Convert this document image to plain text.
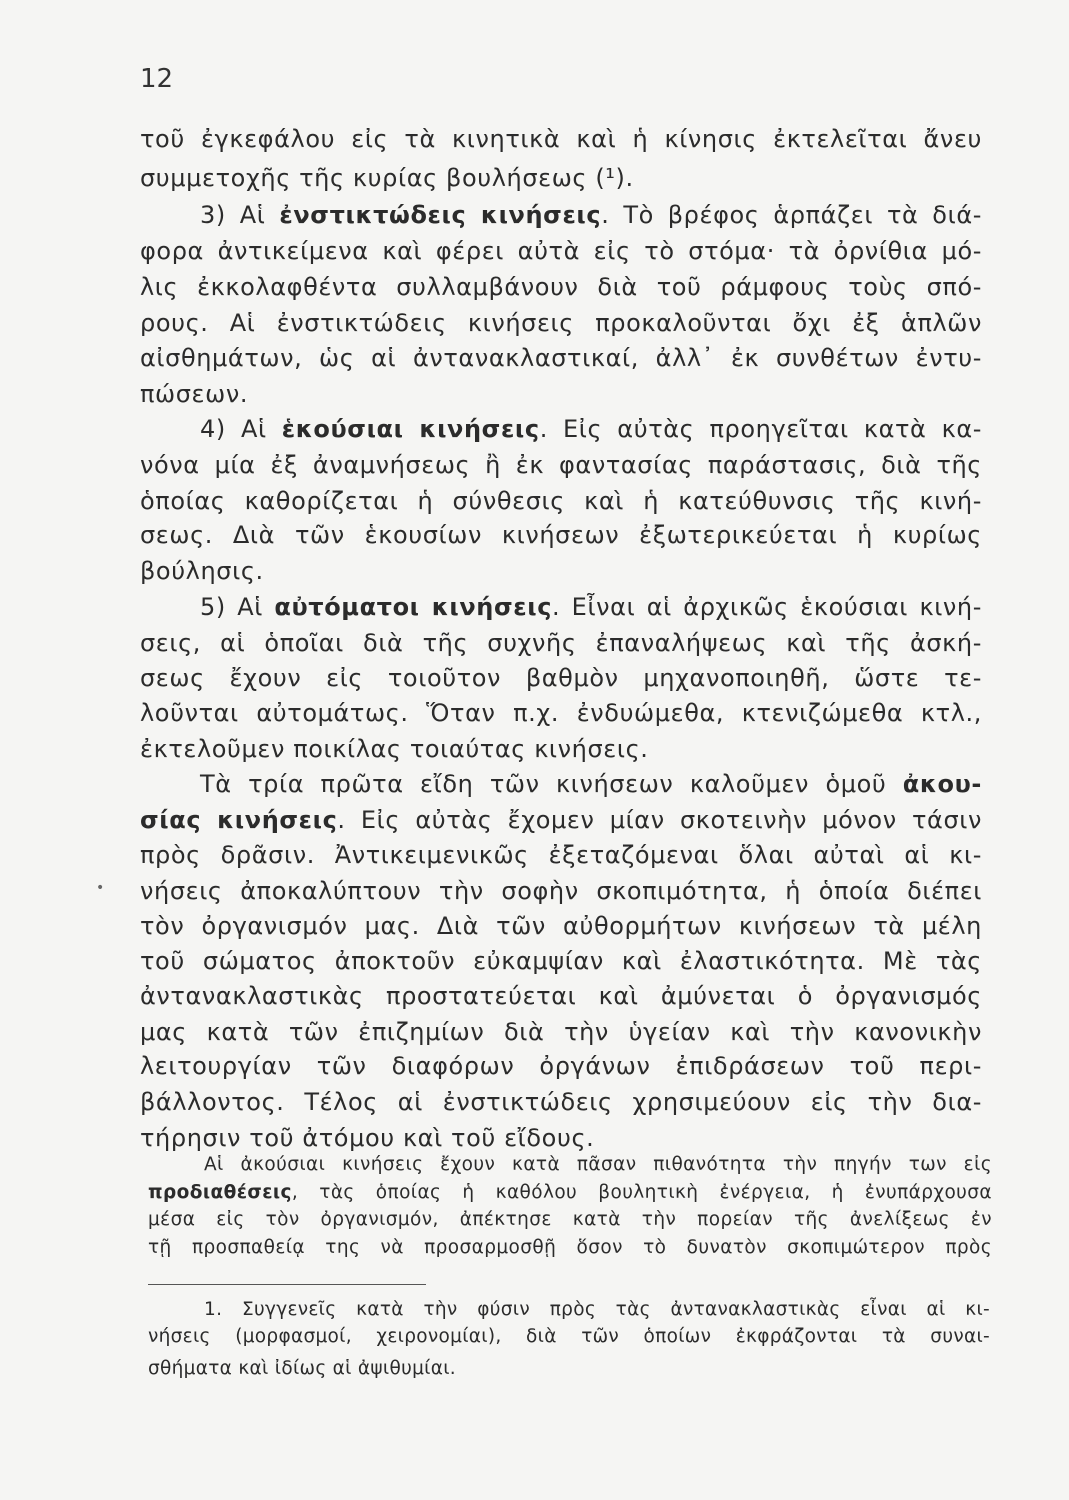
12
•
τοῦ ἐγκεφάλου εἰς τὰ κινητικὰ καὶ ἡ κίνησις ἐκτελεῖται ἄνευ
συμμετοχῆς τῆς κυρίας βουλήσεως (¹).
3) Αἱ ἐνστικτώδεις κινήσεις. Τὸ βρέφος ἁρπάζει τὰ διά-
φορα ἀντικείμενα καὶ φέρει αὐτὰ εἰς τὸ στόμα· τὰ ὀρνίθια μό-
λις ἐκκολαφθέντα συλλαμβάνουν διὰ τοῦ ράμφους τοὺς σπό-
ρους. Αἱ ἐνστικτώδεις κινήσεις προκαλοῦνται ὄχι ἐξ ἁπλῶν
αἰσθημάτων, ὡς αἱ ἀντανακλαστικαί, ἀλλ᾽ ἐκ συνθέτων ἐντυ-
πώσεων.
4) Αἱ ἑκούσιαι κινήσεις. Εἰς αὐτὰς προηγεῖται κατὰ κα-
νόνα μία ἐξ ἀναμνήσεως ἢ ἐκ φαντασίας παράστασις, διὰ τῆς
ὁποίας καθορίζεται ἡ σύνθεσις καὶ ἡ κατεύθυνσις τῆς κινή-
σεως. Διὰ τῶν ἑκουσίων κινήσεων ἐξωτερικεύεται ἡ κυρίως
βούλησις.
5) Αἱ αὐτόματοι κινήσεις. Εἶναι αἱ ἀρχικῶς ἑκούσιαι κινή-
σεις, αἱ ὁποῖαι διὰ τῆς συχνῆς ἐπαναλήψεως καὶ τῆς ἀσκή-
σεως ἔχουν εἰς τοιοῦτον βαθμὸν μηχανοποιηθῆ, ὥστε τε-
λοῦνται αὐτομάτως. Ὅταν π.χ. ἐνδυώμεθα, κτενιζώμεθα κτλ.,
ἐκτελοῦμεν ποικίλας τοιαύτας κινήσεις.
Τὰ τρία πρῶτα εἴδη τῶν κινήσεων καλοῦμεν ὁμοῦ ἀκου-
σίας κινήσεις. Εἰς αὐτὰς ἔχομεν μίαν σκοτεινὴν μόνον τάσιν
πρὸς δρᾶσιν. Ἀντικειμενικῶς ἐξεταζόμεναι ὅλαι αὐταὶ αἱ κι-
νήσεις ἀποκαλύπτουν τὴν σοφὴν σκοπιμότητα, ἡ ὁποία διέπει
τὸν ὀργανισμόν μας. Διὰ τῶν αὐθορμήτων κινήσεων τὰ μέλη
τοῦ σώματος ἀποκτοῦν εὐκαμψίαν καὶ ἐλαστικότητα. Μὲ τὰς
ἀντανακλαστικὰς προστατεύεται καὶ ἀμύνεται ὁ ὀργανισμός
μας κατὰ τῶν ἐπιζημίων διὰ τὴν ὑγείαν καὶ τὴν κανονικὴν
λειτουργίαν τῶν διαφόρων ὀργάνων ἐπιδράσεων τοῦ περι-
βάλλοντος. Τέλος αἱ ἐνστικτώδεις χρησιμεύουν εἰς τὴν δια-
τήρησιν τοῦ ἀτόμου καὶ τοῦ εἴδους.
Αἱ ἀκούσιαι κινήσεις ἔχουν κατὰ πᾶσαν πιθανότητα τὴν πηγήν των εἰς
προδιαθέσεις, τὰς ὁποίας ἡ καθόλου βουλητικὴ ἐνέργεια, ἡ ἐνυπάρχουσα
μέσα εἰς τὸν ὀργανισμόν, ἀπέκτησε κατὰ τὴν πορείαν τῆς ἀνελίξεως ἐν
τῇ προσπαθείᾳ της νὰ προσαρμοσθῇ ὅσον τὸ δυνατὸν σκοπιμώτερον πρὸς
1. Συγγενεῖς κατὰ τὴν φύσιν πρὸς τὰς ἀντανακλαστικὰς εἶναι αἱ κι-
νήσεις (μορφασμοί, χειρονομίαι), διὰ τῶν ὁποίων ἐκφράζονται τὰ συναι-
σθήματα καὶ ἰδίως αἱ ἀψιθυμίαι.
